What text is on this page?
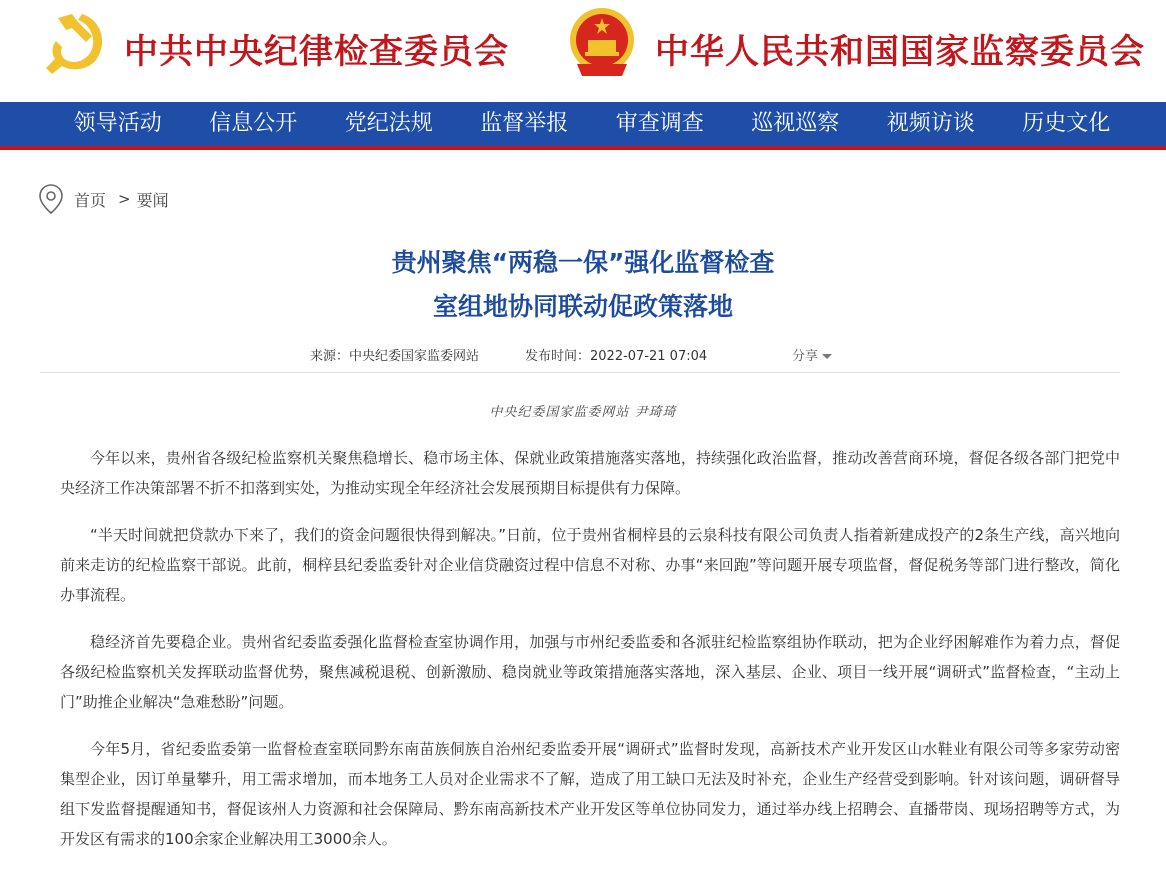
中共中央纪律检查委员会	中华人民共和国国家监察委员会
领导活动	信息公开	党纪法规	监督举报	审查调查	巡视巡察	视频访谈	历史文化
首页 > 要闻
贵州聚焦“两稳一保”强化监督检查
室组地协同联动促政策落地
来源：中央纪委国家监委网站	发布时间：2022-07-21 07:04	分享
中央纪委国家监委网站 尹琦琦

今年以来，贵州省各级纪检监察机关聚焦稳增长、稳市场主体、保就业政策措施落实落地，持续强化政治监督，推动改善营商环境，督促各级各部门把党中央经济工作决策部署不折不扣落到实处，为推动实现全年经济社会发展预期目标提供有力保障。

“半天时间就把贷款办下来了，我们的资金问题很快得到解决。”日前，位于贵州省桐梓县的云泉科技有限公司负责人指着新建成投产的2条生产线，高兴地向前来走访的纪检监察干部说。此前，桐梓县纪委监委针对企业信贷融资过程中信息不对称、办事“来回跑”等问题开展专项监督，督促税务等部门进行整改，简化办事流程。

稳经济首先要稳企业。贵州省纪委监委强化监督检查室协调作用，加强与市州纪委监委和各派驻纪检监察组协作联动，把为企业纾困解难作为着力点，督促各级纪检监察机关发挥联动监督优势，聚焦减税退税、创新激励、稳岗就业等政策措施落实落地，深入基层、企业、项目一线开展“调研式”监督检查，“主动上门”助推企业解决“急难愁盼”问题。

今年5月，省纪委监委第一监督检查室联同黔东南苗族侗族自治州纪委监委开展“调研式”监督时发现，高新技术产业开发区山水鞋业有限公司等多家劳动密集型企业，因订单量攀升，用工需求增加，而本地务工人员对企业需求不了解，造成了用工缺口无法及时补充，企业生产经营受到影响。针对该问题，调研督导组下发监督提醒通知书，督促该州人力资源和社会保障局、黔东南高新技术产业开发区等单位协同发力，通过举办线上招聘会、直播带岗、现场招聘等方式，为开发区有需求的100余家企业解决用工3000余人。
